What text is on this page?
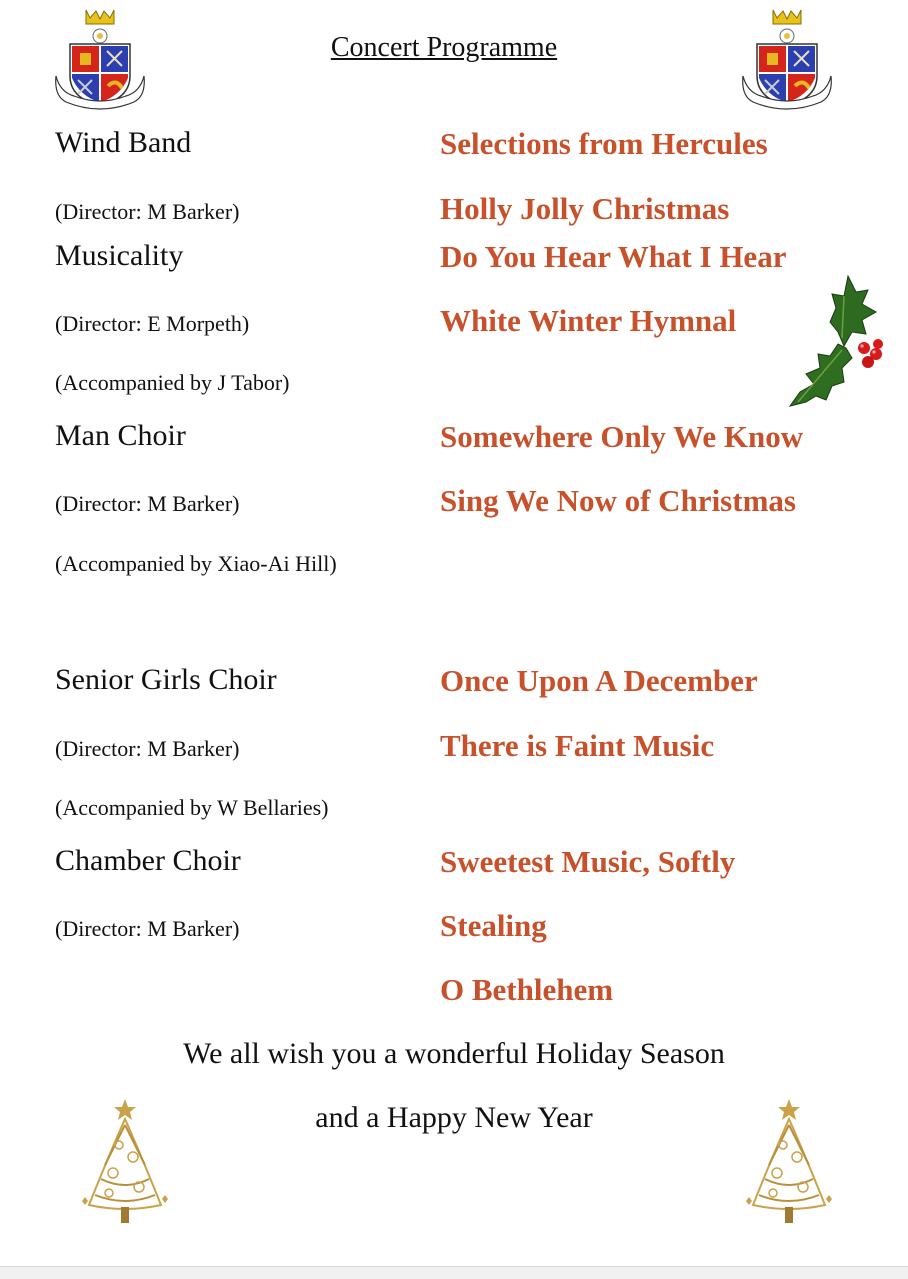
Concert Programme
Wind Band
(Director: M Barker)
Musicality
(Director: E Morpeth)
(Accompanied by J Tabor)
Man Choir
(Director: M Barker)
(Accompanied by Xiao-Ai Hill)
Senior Girls Choir
(Director: M Barker)
(Accompanied by W Bellaries)
Chamber Choir
(Director: M Barker)
Selections from Hercules
Holly Jolly Christmas
Do You Hear What I Hear
White Winter Hymnal
Somewhere Only We Know
Sing We Now of Christmas
Once Upon A December
There is Faint Music
Sweetest Music, Softly
Stealing
O Bethlehem
We all wish you a wonderful Holiday Season
and a Happy New Year
